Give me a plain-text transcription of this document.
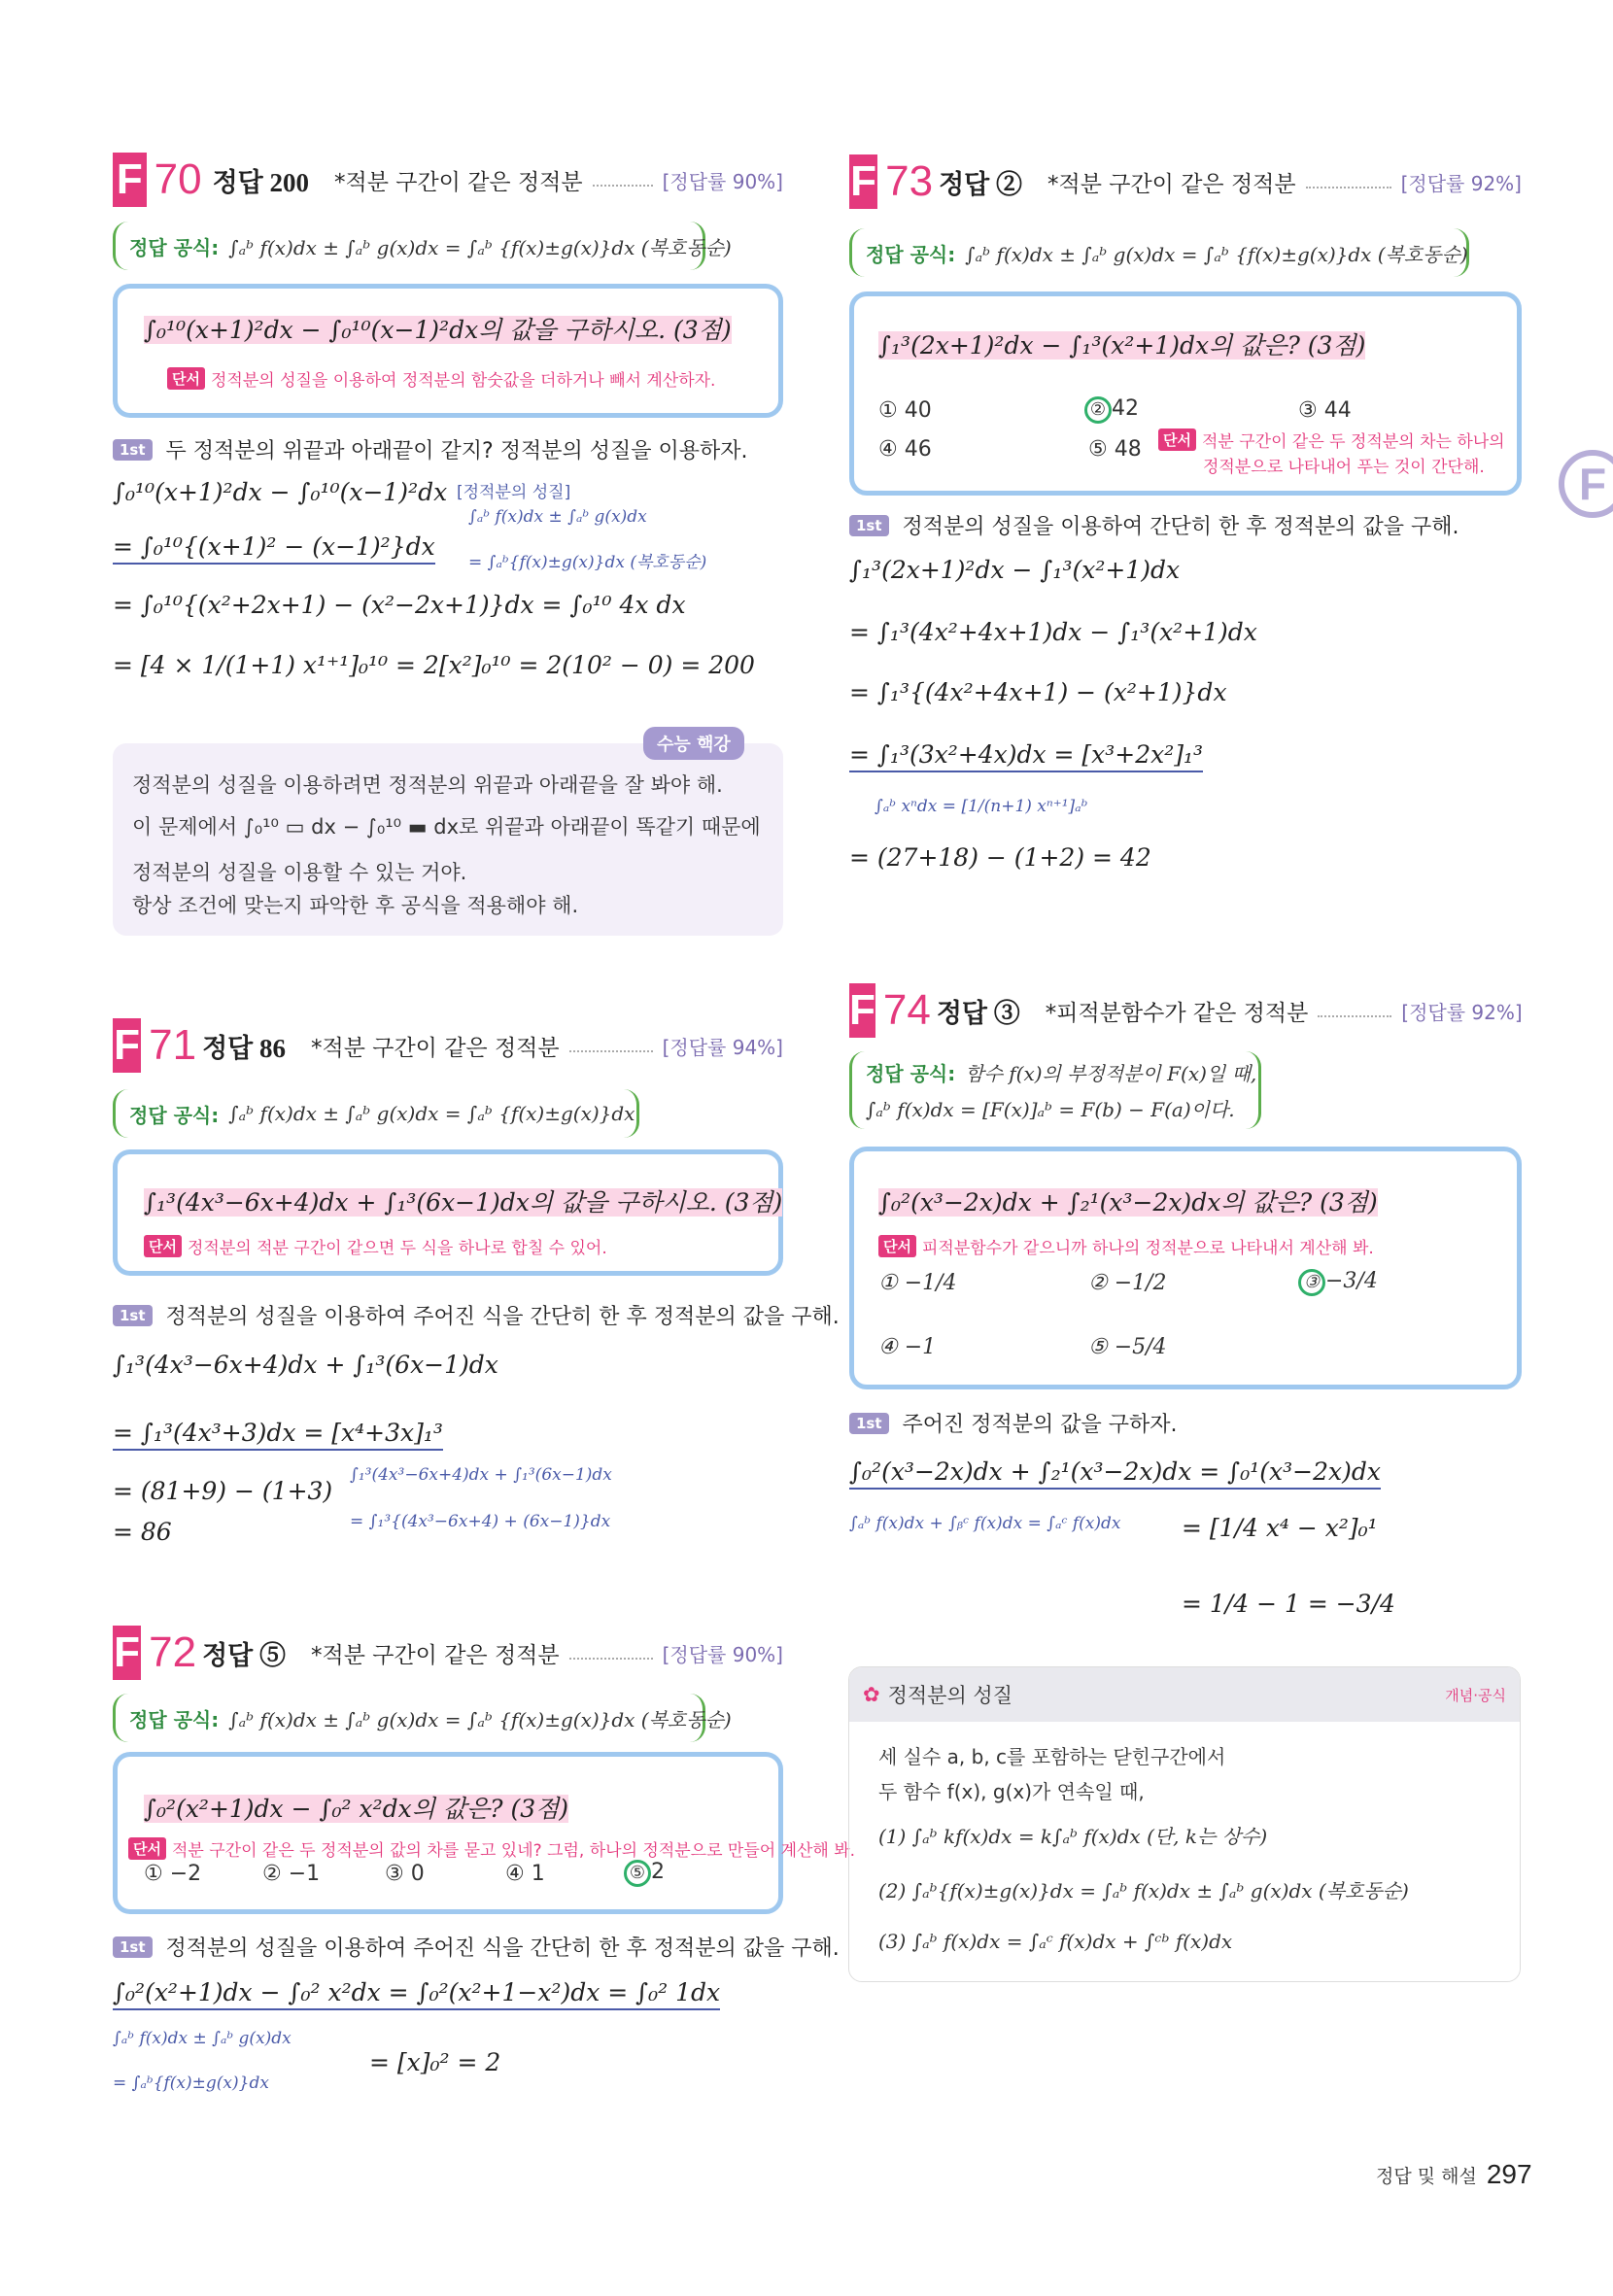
F
F 70 정답 200 *적분 구간이 같은 정적분	[정답률 90%]
정답 공식: ∫ₐᵇ f(x)dx ± ∫ₐᵇ g(x)dx = ∫ₐᵇ {f(x)±g(x)}dx (복호동순)
∫₀¹⁰(x+1)²dx − ∫₀¹⁰(x−1)²dx의 값을 구하시오. (3점)
단서 정적분의 성질을 이용하여 정적분의 함숫값을 더하거나 빼서 계산하자.
1st 두 정적분의 위끝과 아래끝이 같지? 정적분의 성질을 이용하자.
∫₀¹⁰(x+1)²dx − ∫₀¹⁰(x−1)²dx
= ∫₀¹⁰{(x+1)² − (x−1)²}dx
= ∫₀¹⁰{(x²+2x+1) − (x²−2x+1)}dx = ∫₀¹⁰ 4x dx
= [4 × 1/(1+1) x¹⁺¹]₀¹⁰ = 2[x²]₀¹⁰ = 2(10² − 0) = 200
[정적분의 성질]
∫ₐᵇ f(x)dx ± ∫ₐᵇ g(x)dx
= ∫ₐᵇ{f(x)±g(x)}dx (복호동순)
수능 핵강
정적분의 성질을 이용하려면 정적분의 위끝과 아래끝을 잘 봐야 해.
이 문제에서 ∫₀¹⁰ ▭ dx − ∫₀¹⁰ ▬ dx로 위끝과 아래끝이 똑같기 때문에
정적분의 성질을 이용할 수 있는 거야.
항상 조건에 맞는지 파악한 후 공식을 적용해야 해.
F 71 정답 86 *적분 구간이 같은 정적분	[정답률 94%]
정답 공식: ∫ₐᵇ f(x)dx ± ∫ₐᵇ g(x)dx = ∫ₐᵇ {f(x)±g(x)}dx
∫₁³(4x³−6x+4)dx + ∫₁³(6x−1)dx의 값을 구하시오. (3점)
단서 정적분의 적분 구간이 같으면 두 식을 하나로 합칠 수 있어.
1st 정적분의 성질을 이용하여 주어진 식을 간단히 한 후 정적분의 값을 구해.
∫₁³(4x³−6x+4)dx + ∫₁³(6x−1)dx
= ∫₁³(4x³+3)dx = [x⁴+3x]₁³
= (81+9) − (1+3)
= 86
∫₁³(4x³−6x+4)dx + ∫₁³(6x−1)dx
= ∫₁³{(4x³−6x+4) + (6x−1)}dx
F 72 정답 ⑤ *적분 구간이 같은 정적분	[정답률 90%]
정답 공식: ∫ₐᵇ f(x)dx ± ∫ₐᵇ g(x)dx = ∫ₐᵇ {f(x)±g(x)}dx (복호동순)
∫₀²(x²+1)dx − ∫₀² x²dx의 값은? (3점)
단서 적분 구간이 같은 두 정적분의 값의 차를 묻고 있네? 그럼, 하나의 정적분으로 만들어 계산해 봐.
① −2	② −1	③ 0	④ 1	⑤ 2
1st 정적분의 성질을 이용하여 주어진 식을 간단히 한 후 정적분의 값을 구해.
∫₀²(x²+1)dx − ∫₀² x²dx = ∫₀²(x²+1−x²)dx = ∫₀² 1dx
= [x]₀² = 2
∫ₐᵇ f(x)dx ± ∫ₐᵇ g(x)dx
= ∫ₐᵇ{f(x)±g(x)}dx
F 73 정답 ② *적분 구간이 같은 정적분	[정답률 92%]
정답 공식: ∫ₐᵇ f(x)dx ± ∫ₐᵇ g(x)dx = ∫ₐᵇ {f(x)±g(x)}dx (복호동순)
∫₁³(2x+1)²dx − ∫₁³(x²+1)dx의 값은? (3점)
① 40	② 42	③ 44
④ 46	⑤ 48	단서 적분 구간이 같은 두 정적분의 차는 하나의
정적분으로 나타내어 푸는 것이 간단해.
1st 정적분의 성질을 이용하여 간단히 한 후 정적분의 값을 구해.
∫₁³(2x+1)²dx − ∫₁³(x²+1)dx
= ∫₁³(4x²+4x+1)dx − ∫₁³(x²+1)dx
= ∫₁³{(4x²+4x+1) − (x²+1)}dx
= ∫₁³(3x²+4x)dx = [x³+2x²]₁³
∫ₐᵇ xⁿdx = [1/(n+1) xⁿ⁺¹]ₐᵇ
= (27+18) − (1+2) = 42
F 74 정답 ③ *피적분함수가 같은 정적분	[정답률 92%]
정답 공식: 함수 f(x)의 부정적분이 F(x)일 때,
∫ₐᵇ f(x)dx = [F(x)]ₐᵇ = F(b) − F(a)이다.
∫₀²(x³−2x)dx + ∫₂¹(x³−2x)dx의 값은? (3점)
단서 피적분함수가 같으니까 하나의 정적분으로 나타내서 계산해 봐.
① −1/4	② −1/2	③ −3/4
④ −1	⑤ −5/4
1st 주어진 정적분의 값을 구하자.
∫₀²(x³−2x)dx + ∫₂¹(x³−2x)dx = ∫₀¹(x³−2x)dx
∫ₐᵇ f(x)dx + ∫ᵦᶜ f(x)dx = ∫ₐᶜ f(x)dx	= [1/4 x⁴ − x²]₀¹
= 1/4 − 1 = −3/4
✿ 정적분의 성질	개념·공식
세 실수 a, b, c를 포함하는 닫힌구간에서
두 함수 f(x), g(x)가 연속일 때,
(1) ∫ₐᵇ kf(x)dx = k∫ₐᵇ f(x)dx (단, k는 상수)
(2) ∫ₐᵇ{f(x)±g(x)}dx = ∫ₐᵇ f(x)dx ± ∫ₐᵇ g(x)dx (복호동순)
(3) ∫ₐᵇ f(x)dx = ∫ₐᶜ f(x)dx + ∫ᶜᵇ f(x)dx
정답 및 해설 297
